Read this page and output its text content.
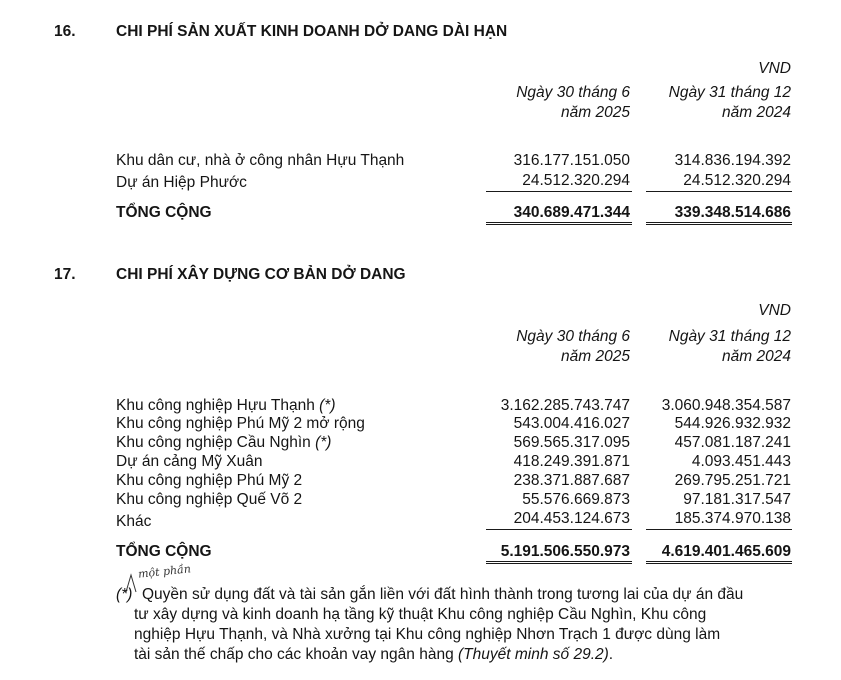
16.	CHI PHÍ SẢN XUẤT KINH DOANH DỞ DANG DÀI HẠN
VND
Ngày 30 tháng 6
năm 2025
Ngày 31 tháng 12
năm 2024
Khu dân cư, nhà ở công nhân Hựu Thạnh	316.177.151.050	314.836.194.392
Dự án Hiệp Phước	24.512.320.294	24.512.320.294
TỔNG CỘNG	340.689.471.344	339.348.514.686
17.	CHI PHÍ XÂY DỰNG CƠ BẢN DỞ DANG
VND
Ngày 30 tháng 6
năm 2025
Ngày 31 tháng 12
năm 2024
Khu công nghiệp Hựu Thạnh (*)	3.162.285.743.747	3.060.948.354.587
Khu công nghiệp Phú Mỹ 2 mở rộng	543.004.416.027	544.926.932.932
Khu công nghiệp Cầu Nghìn (*)	569.565.317.095	457.081.187.241
Dự án cảng Mỹ Xuân	418.249.391.871	4.093.451.443
Khu công nghiệp Phú Mỹ 2	238.371.887.687	269.795.251.721
Khu công nghiệp Quế Võ 2	55.576.669.873	97.181.317.547
Khác	204.453.124.673	185.374.970.138
TỔNG CỘNG	5.191.506.550.973	4.619.401.465.609
một phần
(*) Quyền sử dụng đất và tài sản gắn liền với đất hình thành trong tương lai của dự án đầu
tư xây dựng và kinh doanh hạ tầng kỹ thuật Khu công nghiệp Cầu Nghìn, Khu công
nghiệp Hựu Thạnh, và Nhà xưởng tại Khu công nghiệp Nhơn Trạch 1 được dùng làm
tài sản thế chấp cho các khoản vay ngân hàng (Thuyết minh số 29.2).
